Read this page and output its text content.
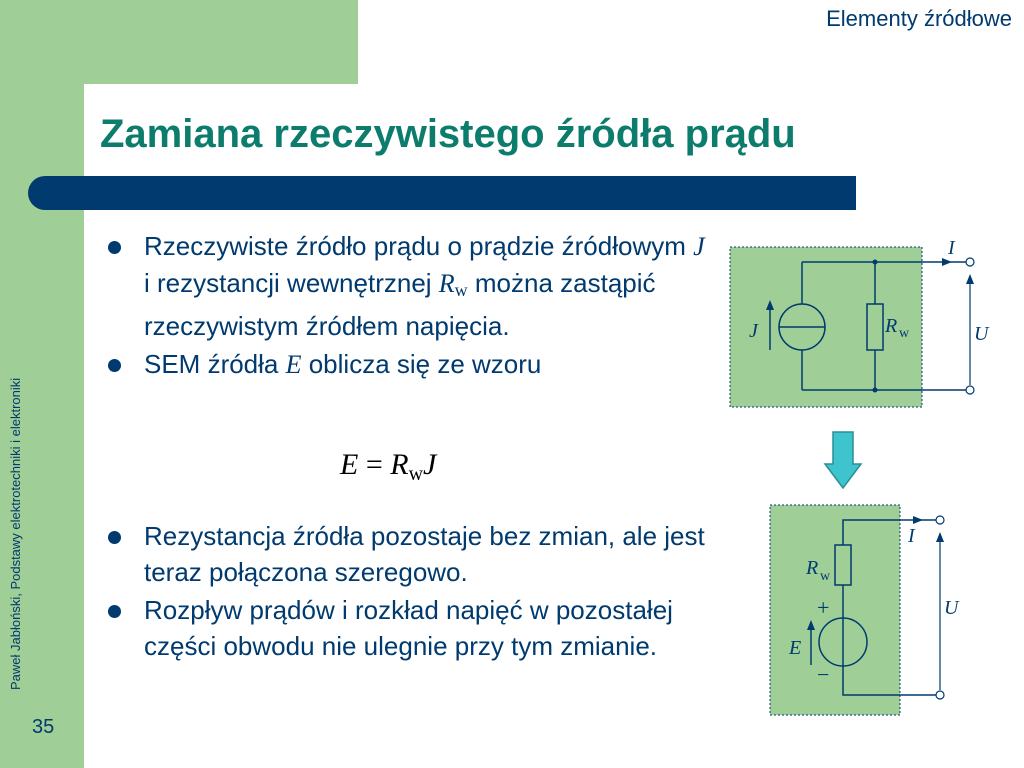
Elementy źródłowe
Zamiana rzeczywistego źródła prądu
Paweł Jabłoński, Podstawy elektrotechniki i elektroniki
35
Rzeczywiste źródło prądu o prądzie źródłowym J i rezystancji wewnętrznej $R_w$ można zastąpić rzeczywistym źródłem napięcia.
SEM źródła E oblicza się ze wzoru
$E = R_wJ$
Rezystancja źródła pozostaje bez zmian, ale jest teraz połączona szeregowo.
Rozpływ prądów i rozkład napięć w pozostałej części obwodu nie ulegnie przy tym zmianie.
J	R w
I
U
R w
E
I
U
+
−
